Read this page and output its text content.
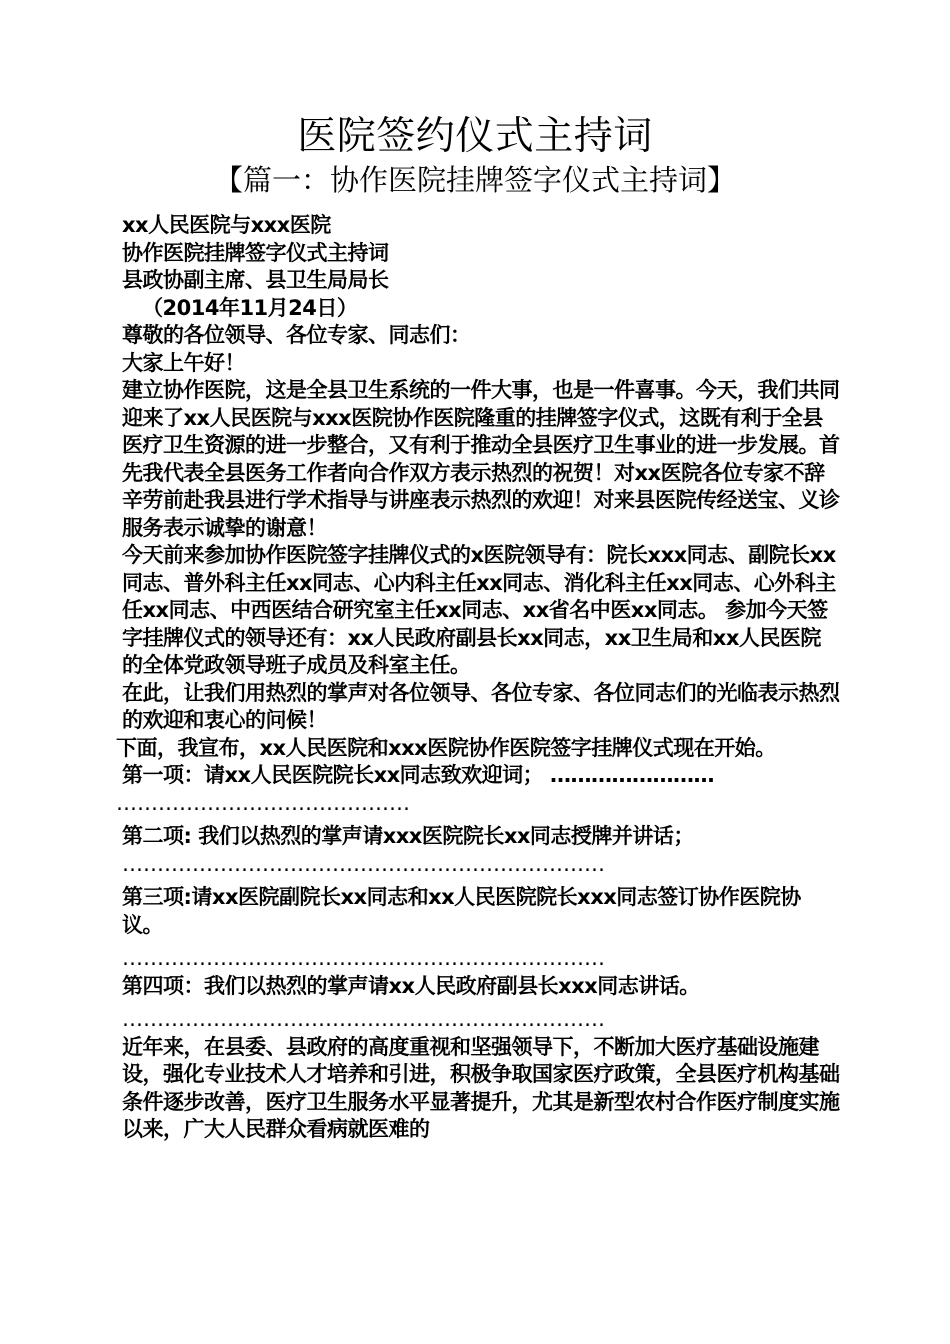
医院签约仪式主持词
【篇一：协作医院挂牌签字仪式主持词】

xx人民医院与xxx医院

协作医院挂牌签字仪式主持词

县政协副主席、县卫生局局长

（2014年11月24日）

尊敬的各位领导、各位专家、同志们：

大家上午好！

建立协作医院，这是全县卫生系统的一件大事，也是一件喜事。今天，我们共同迎来了xx人民医院与xxx医院协作医院隆重的挂牌签字仪式，这既有利于全县医疗卫生资源的进一步整合，又有利于推动全县医疗卫生事业的进一步发展。首先我代表全县医务工作者向合作双方表示热烈的祝贺！对xx医院各位专家不辞辛劳前赴我县进行学术指导与讲座表示热烈的欢迎！对来县医院传经送宝、义诊服务表示诚挚的谢意！

今天前来参加协作医院签字挂牌仪式的x医院领导有：院长xxx同志、副院长xx同志、普外科主任xx同志、心内科主任xx同志、消化科主任xx同志、心外科主任xx同志、中西医结合研究室主任xx同志、xx省名中医xx同志。 参加今天签字挂牌仪式的领导还有：xx人民政府副县长xx同志，xx卫生局和xx人民医院的全体党政领导班子成员及科室主任。

在此，让我们用热烈的掌声对各位领导、各位专家、各位同志们的光临表示热烈的欢迎和衷心的问候！

下面，我宣布，xx人民医院和xxx医院协作医院签字挂牌仪式现在开始。

第一项：请xx人民医院院长xx同志致欢迎词； ……………………

……………………………………

第二项: 我们以热烈的掌声请xxx医院院长xx同志授牌并讲话；

……………………………………………………………

第三项:请xx医院副院长xx同志和xx人民医院院长xxx同志签订协作医院协议。

……………………………………………………………

第四项：我们以热烈的掌声请xx人民政府副县长xxx同志讲话。

……………………………………………………………

近年来，在县委、县政府的高度重视和坚强领导下，不断加大医疗基础设施建设，强化专业技术人才培养和引进，积极争取国家医疗政策，全县医疗机构基础条件逐步改善，医疗卫生服务水平显著提升，尤其是新型农村合作医疗制度实施以来，广大人民群众看病就医难的
